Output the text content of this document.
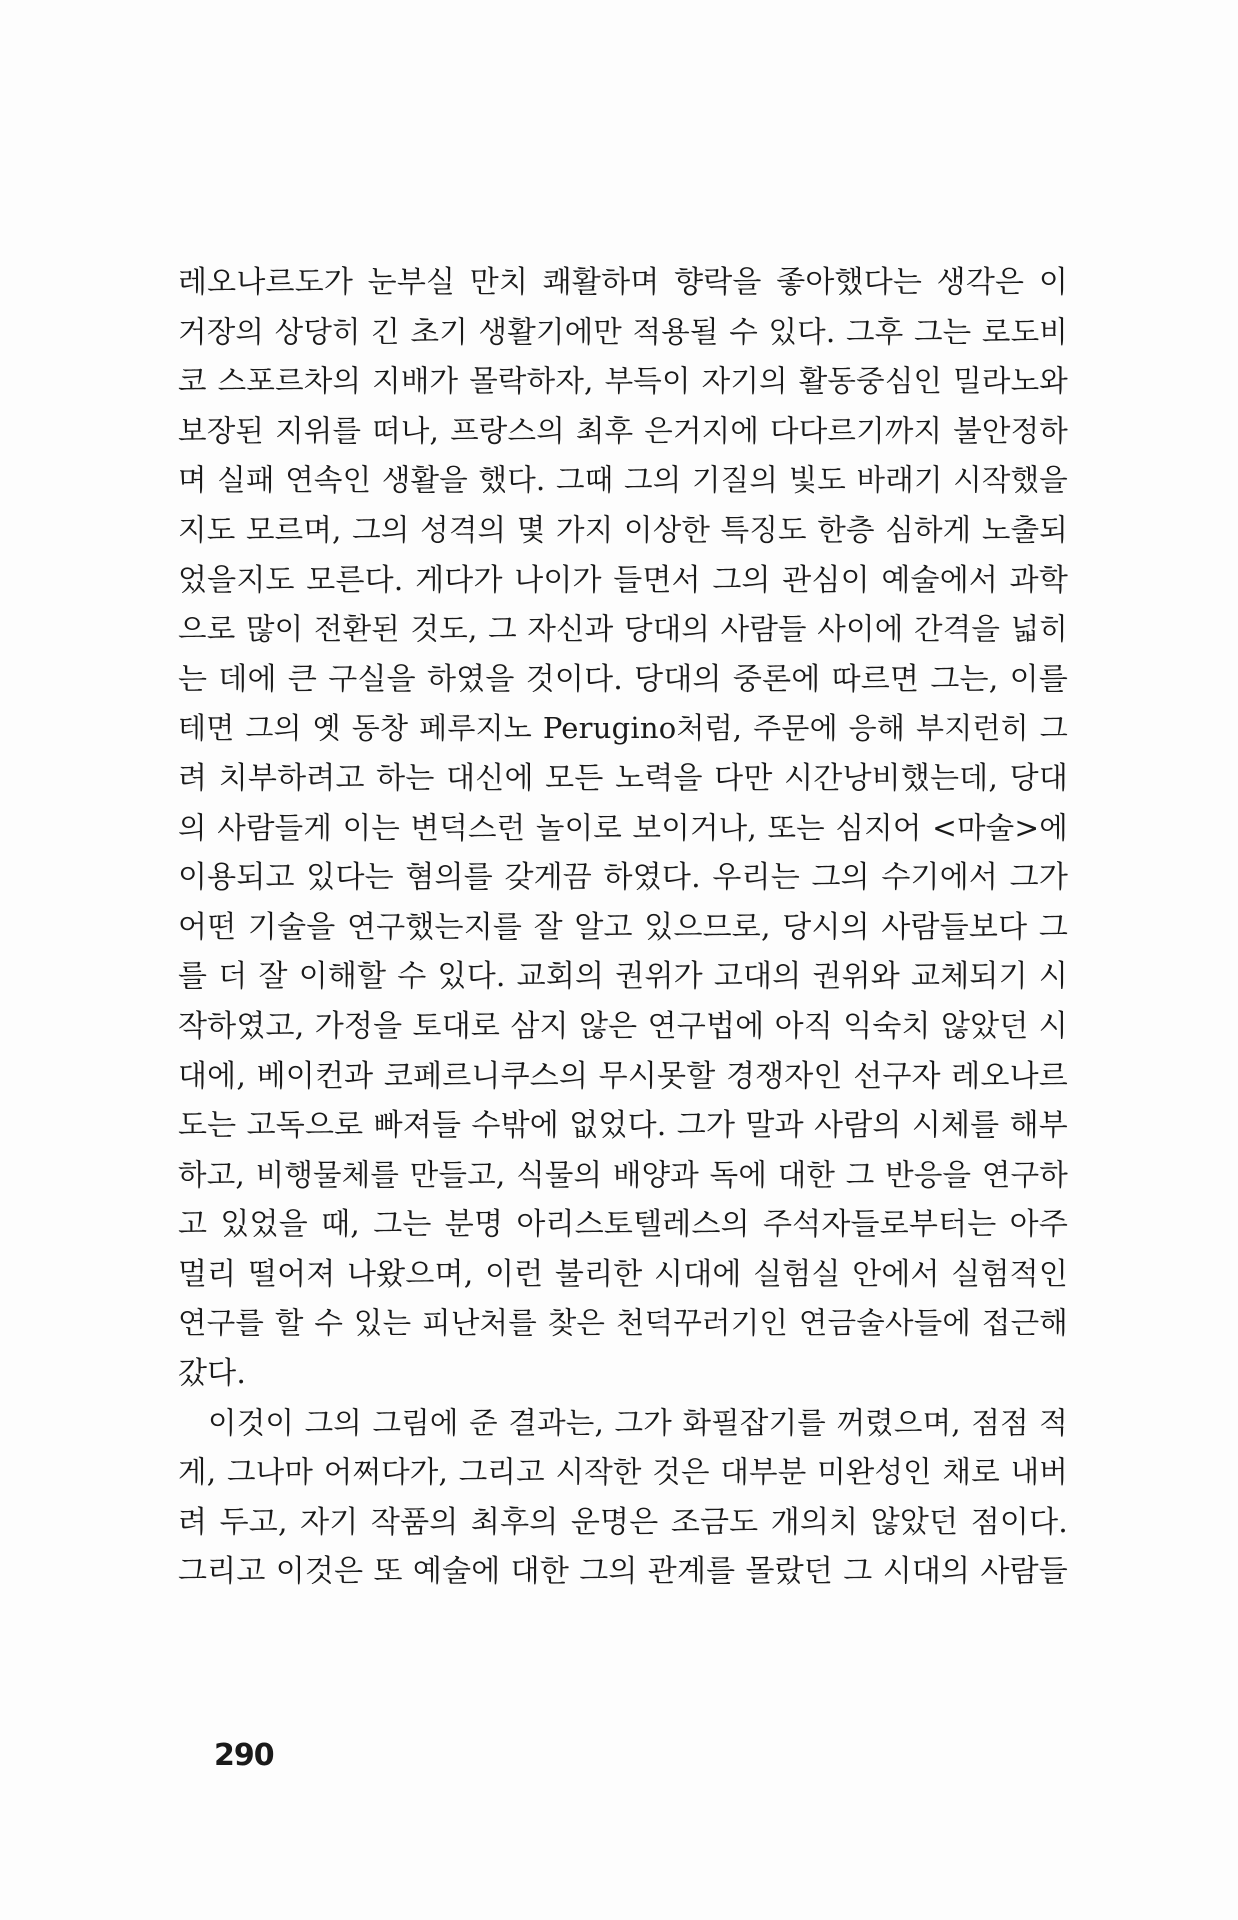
레오나르도가 눈부실 만치 쾌활하며 향락을 좋아했다는 생각은 이
거장의 상당히 긴 초기 생활기에만 적용될 수 있다. 그후 그는 로도비
코 스포르차의 지배가 몰락하자, 부득이 자기의 활동중심인 밀라노와
보장된 지위를 떠나, 프랑스의 최후 은거지에 다다르기까지 불안정하
며 실패 연속인 생활을 했다. 그때 그의 기질의 빛도 바래기 시작했을
지도 모르며, 그의 성격의 몇 가지 이상한 특징도 한층 심하게 노출되
었을지도 모른다. 게다가 나이가 들면서 그의 관심이 예술에서 과학
으로 많이 전환된 것도, 그 자신과 당대의 사람들 사이에 간격을 넓히
는 데에 큰 구실을 하였을 것이다. 당대의 중론에 따르면 그는, 이를
테면 그의 옛 동창 페루지노 Perugino처럼, 주문에 응해 부지런히 그
려 치부하려고 하는 대신에 모든 노력을 다만 시간낭비했는데, 당대
의 사람들게 이는 변덕스런 놀이로 보이거나, 또는 심지어 <마술>에
이용되고 있다는 혐의를 갖게끔 하였다. 우리는 그의 수기에서 그가
어떤 기술을 연구했는지를 잘 알고 있으므로, 당시의 사람들보다 그
를 더 잘 이해할 수 있다. 교회의 권위가 고대의 권위와 교체되기 시
작하였고, 가정을 토대로 삼지 않은 연구법에 아직 익숙치 않았던 시
대에, 베이컨과 코페르니쿠스의 무시못할 경쟁자인 선구자 레오나르
도는 고독으로 빠져들 수밖에 없었다. 그가 말과 사람의 시체를 해부
하고, 비행물체를 만들고, 식물의 배양과 독에 대한 그 반응을 연구하
고 있었을 때, 그는 분명 아리스토텔레스의 주석자들로부터는 아주
멀리 떨어져 나왔으며, 이런 불리한 시대에 실험실 안에서 실험적인
연구를 할 수 있는 피난처를 찾은 천덕꾸러기인 연금술사들에 접근해
갔다.
이것이 그의 그림에 준 결과는, 그가 화필잡기를 꺼렸으며, 점점 적
게, 그나마 어쩌다가, 그리고 시작한 것은 대부분 미완성인 채로 내버
려 두고, 자기 작품의 최후의 운명은 조금도 개의치 않았던 점이다.
그리고 이것은 또 예술에 대한 그의 관계를 몰랐던 그 시대의 사람들
290
